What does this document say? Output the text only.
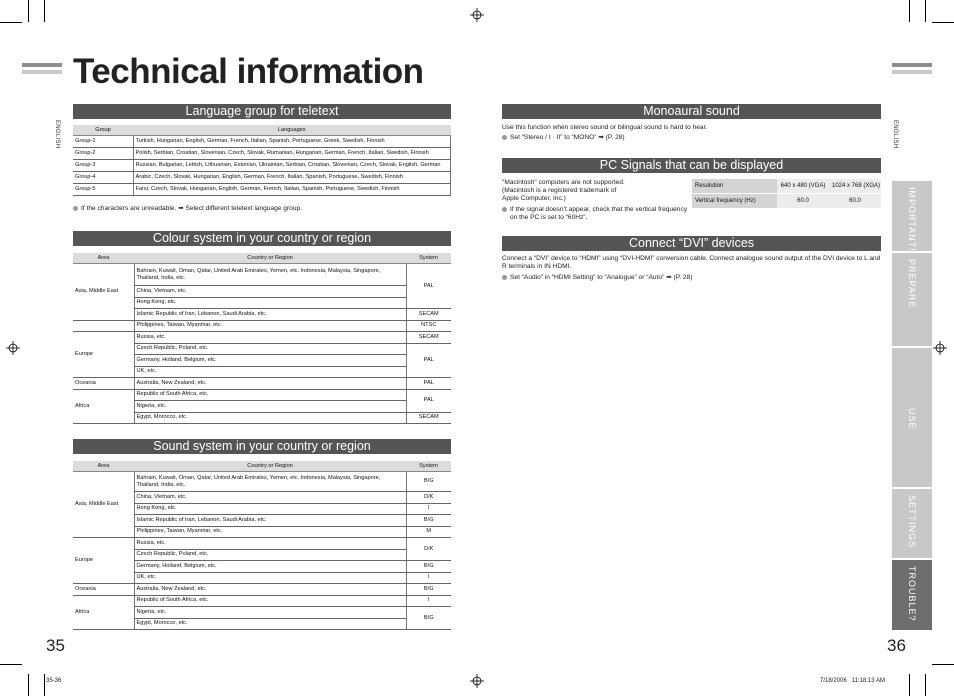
Technical information
ENGLISH	ENGLISH
Language group for teletext
Group	Languages
Group-1	Turkish, Hungarian, English, German, French, Italian, Spanish, Portuguese, Greek, Swedish, Finnish
Group-2	Polish, Serbian, Croatian, Slovenian, Czech, Slovak, Rumanian, Hungarian, German, French, Italian, Swedish, Finnish
Group-3	Russian, Bulgarian, Lettish, Lithuanian, Estonian, Ukrainian, Serbian, Croatian, Slovenian, Czech, Slovak, English, German
Group-4	Arabic, Czech, Slovak, Hungarian, English, German, French, Italian, Spanish, Portuguese, Swedish, Finnish
Group-5	Farsi, Czech, Slovak, Hungarian, English, German, French, Italian, Spanish, Portuguese, Swedish, Finnish
If the characters are unreadable. ➡ Select different teletext language group.
Colour system in your country or region
Area	Country or Region	System
Asia, Middle East	Bahrain, Kuwait, Oman, Qatar, United Arab Emirates, Yemen, etc. Indonesia, Malaysia, Singapore, Thailand, India, etc.	PAL
	China, Vietnam, etc.	
	Hong Kong, etc.	
	Islamic Republic of Iran, Lebanon, Saudi Arabia, etc.	SECAM
	Philippines, Taiwan, Myanmar, etc.	NTSC
Europe	Russia, etc.	SECAM
	Czech Republic, Poland, etc.	PAL
	Germany, Holland, Belgium, etc.	
	UK, etc.	
Oceania	Australia, New Zealand, etc.	PAL
Africa	Republic of South Africa, etc.	PAL
	Nigeria, etc.	
	Egypt, Morocco, etc.	SECAM
Sound system in your country or region
Area	Country or Region	System
Asia, Middle East	Bahrain, Kuwait, Oman, Qatar, United Arab Emirates, Yemen, etc. Indonesia, Malaysia, Singapore, Thailand, India, etc.	B/G
	China, Vietnam, etc.	D/K
	Hong Kong, etc.	I
	Islamic Republic of Iran, Lebanon, Saudi Arabia, etc.	B/G
	Philippines, Taiwan, Myanmar, etc.	M
Europe	Russia, etc.	D/K
	Czech Republic, Poland, etc.	
	Germany, Holland, Belgium, etc.	B/G
	UK, etc.	I
Oceania	Australia, New Zealand, etc.	B/G
Africa	Republic of South Africa, etc.	I
	Nigeria, etc.	B/G
	Egypt, Morocco, etc.	
35
35-36
Monoaural sound
Use this function when stereo sound or bilingual sound is hard to hear.
Set “Stereo / I · II” to “MONO” ➡ (P. 28)
PC Signals that can be displayed
"Macintosh" computers are not supported.
(Macintosh is a registered trademark of
Apple Computer, Inc.)
If the signal doesn’t appear, check that the vertical frequency on the PC is set to “60Hz”.
Resolution	640 x 480 (VGA)	1024 x 768 (XGA)
Vertical frequency (Hz)	60.0	60.0
Connect “DVI” devices
Connect a “DVI” device to “HDMI” using “DVI-HDMI” conversion cable. Connect analogue sound output of the DVI device to L and R terminals in IN HDMI.
Set “Audio” in “HDMI Setting” to “Analogue” or “Auto” ➡ (P. 28)
IMPORTANT!
PREPARE
USE
SETTINGS
TROUBLE?
36
7/18/2006   11:18:13 AM
